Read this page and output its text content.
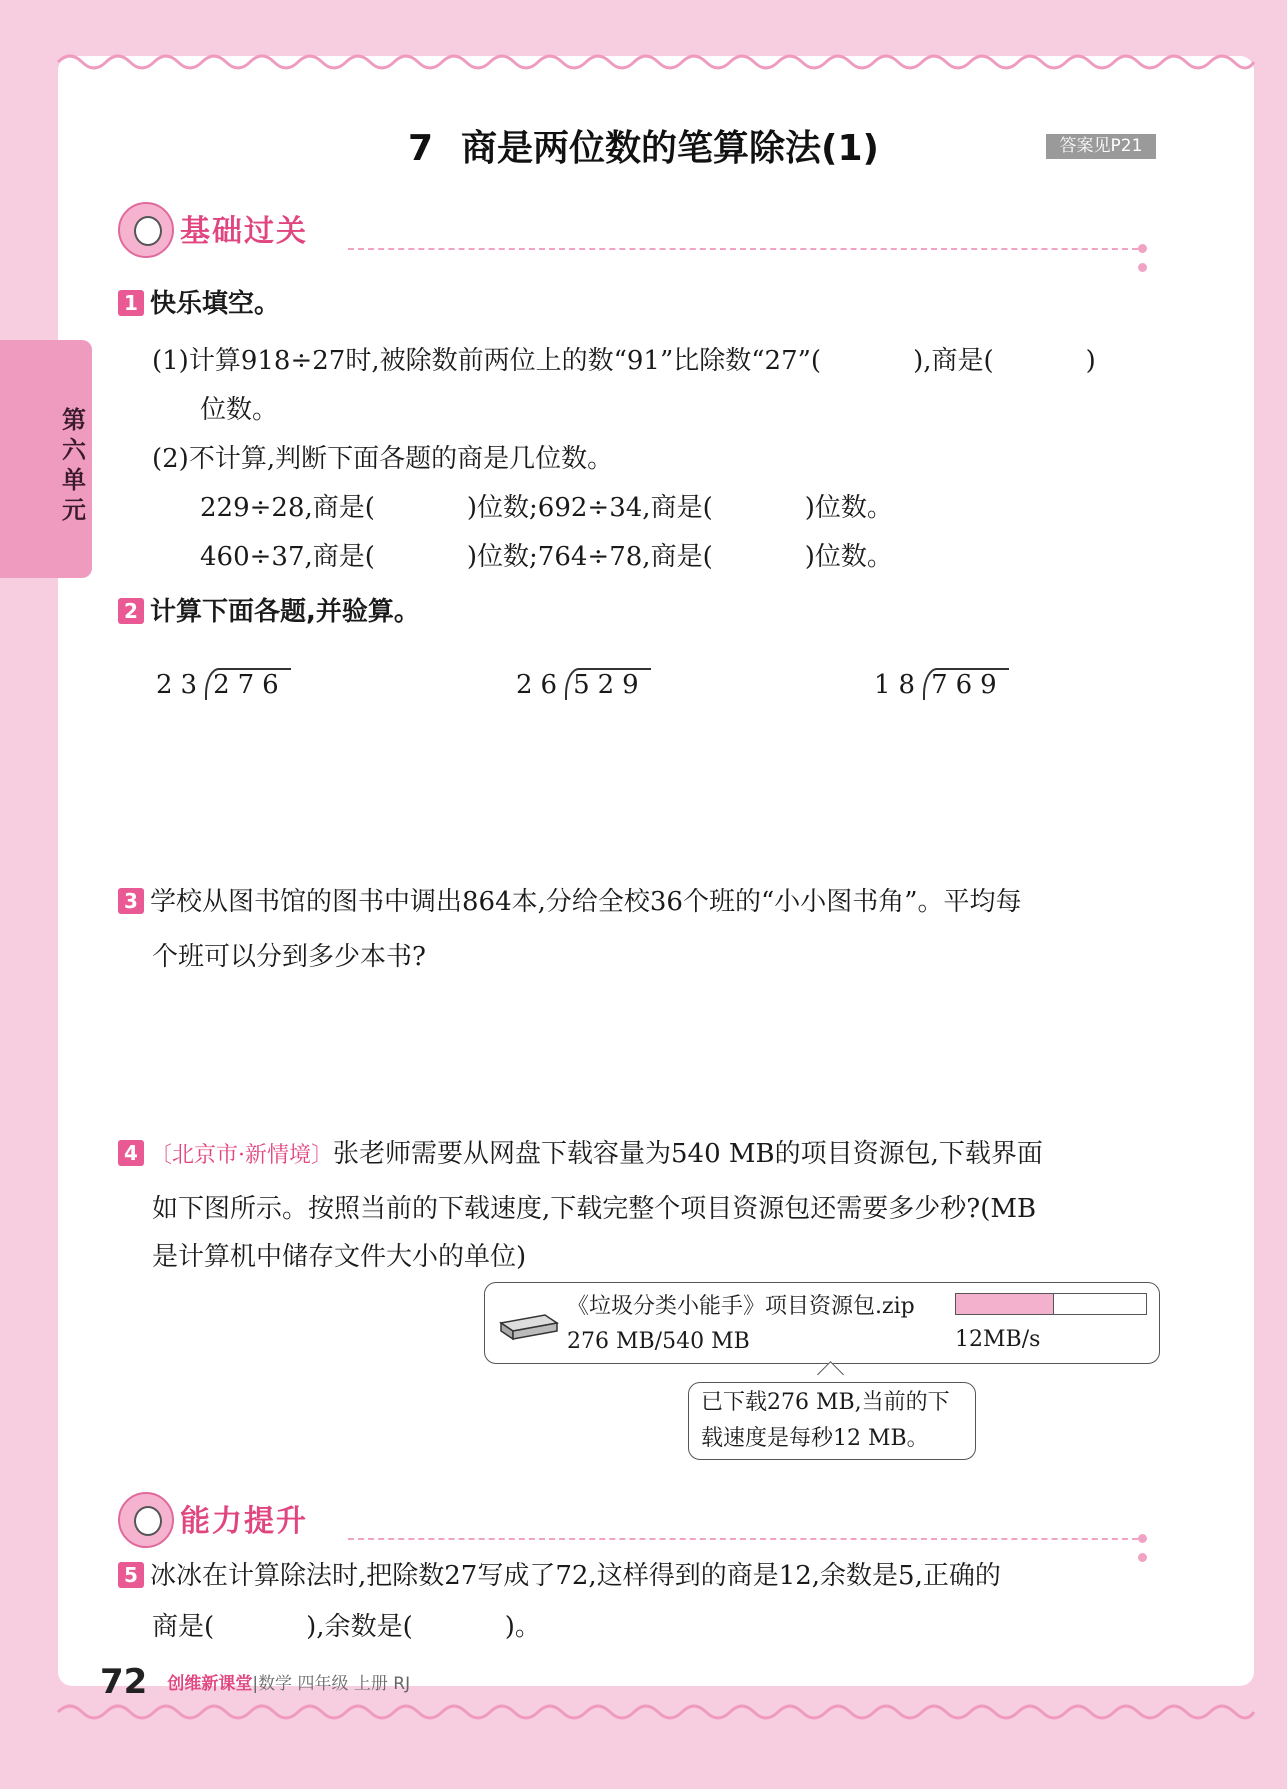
第
六
单
元
7 商是两位数的笔算除法(1)	答案见P21
基础过关
1 快乐填空。
(1)计算918÷27时,被除数前两位上的数“91”比除数“27”(	),商是(	)
位数。
(2)不计算,判断下面各题的商是几位数。
229÷28,商是(	)位数;692÷34,商是(	)位数。
460÷37,商是(	)位数;764÷78,商是(	)位数。
2 计算下面各题,并验算。
23 276	26 529	18 769
3 学校从图书馆的图书中调出864本,分给全校36个班的“小小图书角”。平均每
个班可以分到多少本书?
4 〔北京市·新情境〕张老师需要从网盘下载容量为540 MB的项目资源包,下载界面
如下图所示。按照当前的下载速度,下载完整个项目资源包还需要多少秒?(MB
是计算机中储存文件大小的单位)
《垃圾分类小能手》项目资源包.zip
276 MB/540 MB	12MB/s
已下载276 MB,当前的下
载速度是每秒12 MB。
能力提升
5 冰冰在计算除法时,把除数27写成了72,这样得到的商是12,余数是5,正确的
商是(	),余数是(	)。
72 创维新课堂|数学 四年级 上册 RJ
